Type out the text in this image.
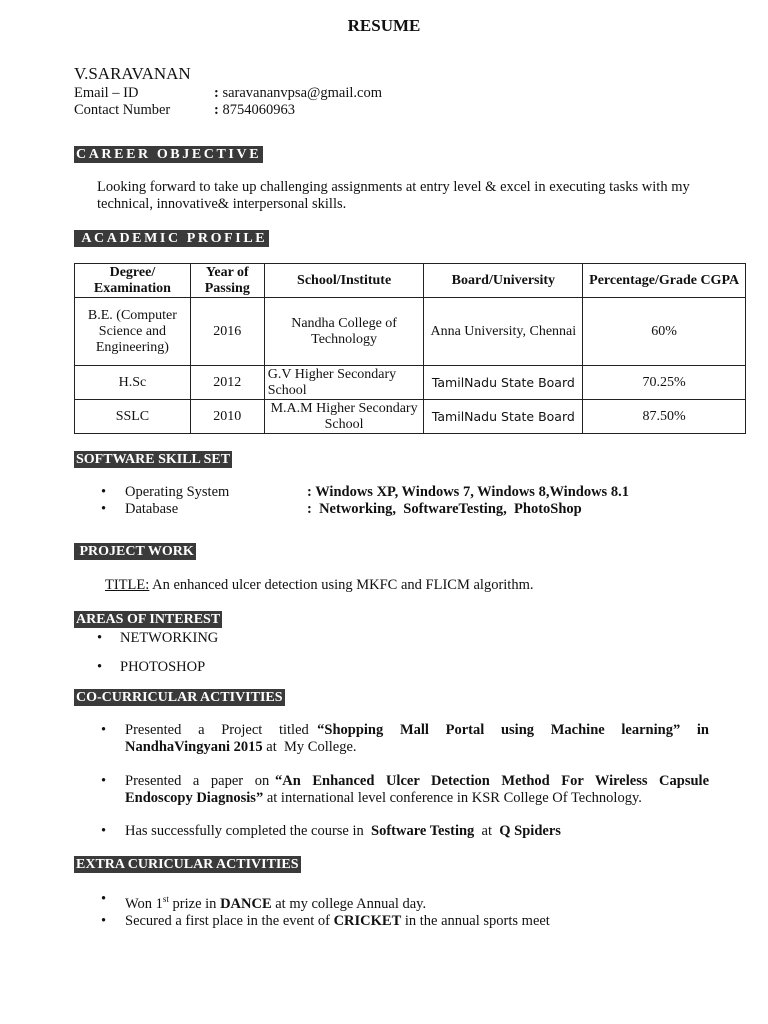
RESUME
V.SARAVANAN
Email – ID	: saravananvpsa@gmail.com
Contact Number	: 8754060963
CAREER OBJECTIVE
Looking forward to take up challenging assignments at entry level & excel in executing tasks with my technical, innovative& interpersonal skills.
ACADEMIC PROFILE
Degree/ Examination	Year of Passing	School/Institute	Board/University	Percentage/Grade CGPA
B.E. (Computer Science and Engineering)	2016	Nandha College of Technology	Anna University, Chennai	60%
H.Sc	2012	G.V Higher Secondary School	TamilNadu State Board	70.25%
SSLC	2010	M.A.M Higher Secondary School	TamilNadu State Board	87.50%
SOFTWARE SKILL SET
• Operating System	: Windows XP, Windows 7, Windows 8,Windows 8.1
• Database	:  Networking,  SoftwareTesting,  PhotoShop
PROJECT WORK
TITLE: An enhanced ulcer detection using MKFC and FLICM algorithm.
AREAS OF INTEREST
• NETWORKING
• PHOTOSHOP
CO-CURRICULAR ACTIVITIES
• Presented  a  Project  titled “Shopping  Mall  Portal  using  Machine  learning”  in NandhaVingyani 2015 at  My College.
• Presented  a  paper  on “An  Enhanced  Ulcer  Detection  Method  For  Wireless  Capsule Endoscopy Diagnosis” at international level conference in KSR College Of Technology.
• Has successfully completed the course in  Software Testing  at  Q Spiders
EXTRA CURICULAR ACTIVITIES
• Won 1st prize in DANCE at my college Annual day.
• Secured a first place in the event of CRICKET in the annual sports meet
